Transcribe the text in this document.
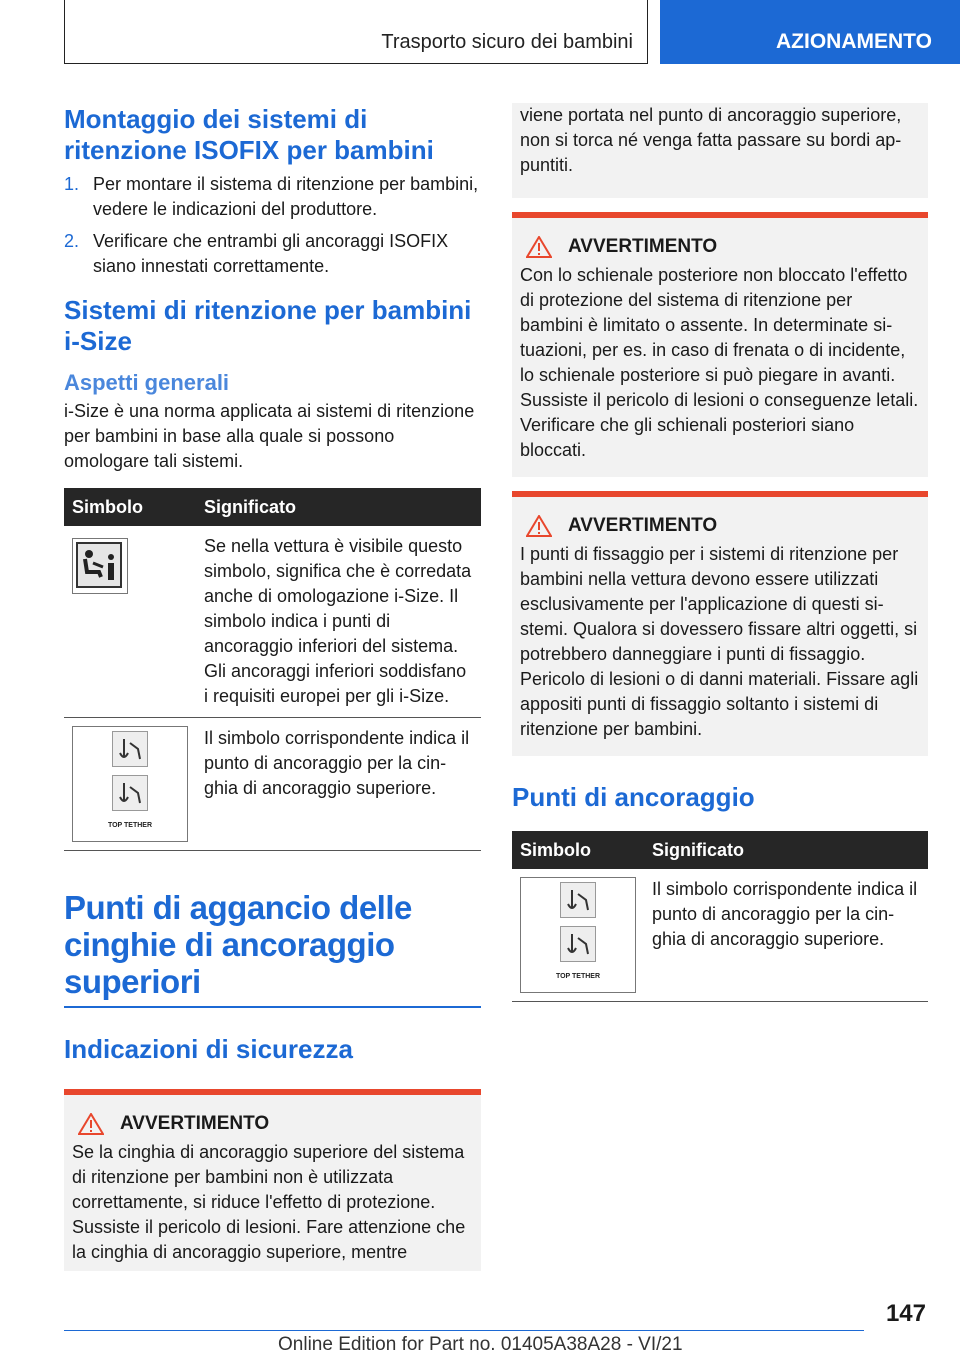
Trasporto sicuro dei bambini	AZIONAMENTO
Montaggio dei sistemi di ritenzione ISOFIX per bambini
1. Per montare il sistema di ritenzione per bambini, vedere le indicazioni del produttore.
2. Verificare che entrambi gli ancoraggi ISOFIX siano innestati correttamente.
Sistemi di ritenzione per bambini i-Size
Aspetti generali

i-Size è una norma applicata ai sistemi di ritenzione per bambini in base alla quale si possono omologare tali sistemi.

Simbolo	Significato

	Se nella vettura è visibile questo simbolo, significa che è corredata anche di omologazione i-Size. Il simbolo indica i punti di ancoraggio inferiori del sistema. Gli ancoraggi inferiori soddisfano i requisiti europei per gli i-Size.

TOP TETHER	Il simbolo corrispondente indica il punto di ancoraggio per la cinghia di ancoraggio superiore.
Punti di aggancio delle cinghie di ancoraggio superiori
Indicazioni di sicurezza
AVVERTIMENTO

Se la cinghia di ancoraggio superiore del sistema di ritenzione per bambini non è utilizzata correttamente, si riduce l'effetto di protezione. Sussiste il pericolo di lesioni. Fare attenzione che la cinghia di ancoraggio superiore, mentre

viene portata nel punto di ancoraggio superiore, non si torca né venga fatta passare su bordi appuntiti.

AVVERTIMENTO

Con lo schienale posteriore non bloccato l'effetto di protezione del sistema di ritenzione per bambini è limitato o assente. In determinate situazioni, per es. in caso di frenata o di incidente, lo schienale posteriore si può piegare in avanti. Sussiste il pericolo di lesioni o conseguenze letali. Verificare che gli schienali posteriori siano bloccati.

AVVERTIMENTO

I punti di fissaggio per i sistemi di ritenzione per bambini nella vettura devono essere utilizzati esclusivamente per l'applicazione di questi sistemi. Qualora si dovessero fissare altri oggetti, si potrebbero danneggiare i punti di fissaggio. Pericolo di lesioni o di danni materiali. Fissare agli appositi punti di fissaggio soltanto i sistemi di ritenzione per bambini.

Punti di ancoraggio
Simbolo	Significato

TOP TETHER	Il simbolo corrispondente indica il punto di ancoraggio per la cinghia di ancoraggio superiore.
147
Online Edition for Part no. 01405A38A28 - VI/21
